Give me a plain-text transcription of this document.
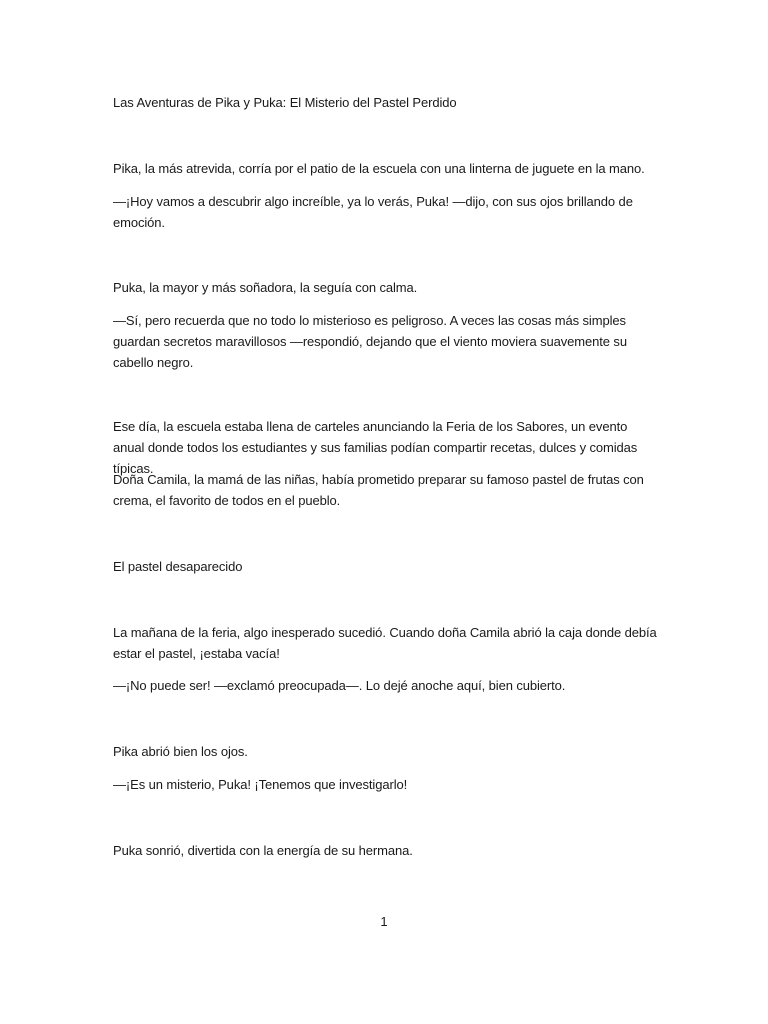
Las Aventuras de Pika y Puka: El Misterio del Pastel Perdido

Pika, la más atrevida, corría por el patio de la escuela con una linterna de juguete en la mano.

—¡Hoy vamos a descubrir algo increíble, ya lo verás, Puka! —dijo, con sus ojos brillando de emoción.

Puka, la mayor y más soñadora, la seguía con calma.

—Sí, pero recuerda que no todo lo misterioso es peligroso. A veces las cosas más simples guardan secretos maravillosos —respondió, dejando que el viento moviera suavemente su cabello negro.

Ese día, la escuela estaba llena de carteles anunciando la Feria de los Sabores, un evento anual donde todos los estudiantes y sus familias podían compartir recetas, dulces y comidas típicas.

Doña Camila, la mamá de las niñas, había prometido preparar su famoso pastel de frutas con crema, el favorito de todos en el pueblo.

El pastel desaparecido

La mañana de la feria, algo inesperado sucedió. Cuando doña Camila abrió la caja donde debía estar el pastel, ¡estaba vacía!

—¡No puede ser! —exclamó preocupada—. Lo dejé anoche aquí, bien cubierto.

Pika abrió bien los ojos.

—¡Es un misterio, Puka! ¡Tenemos que investigarlo!

Puka sonrió, divertida con la energía de su hermana.

1
